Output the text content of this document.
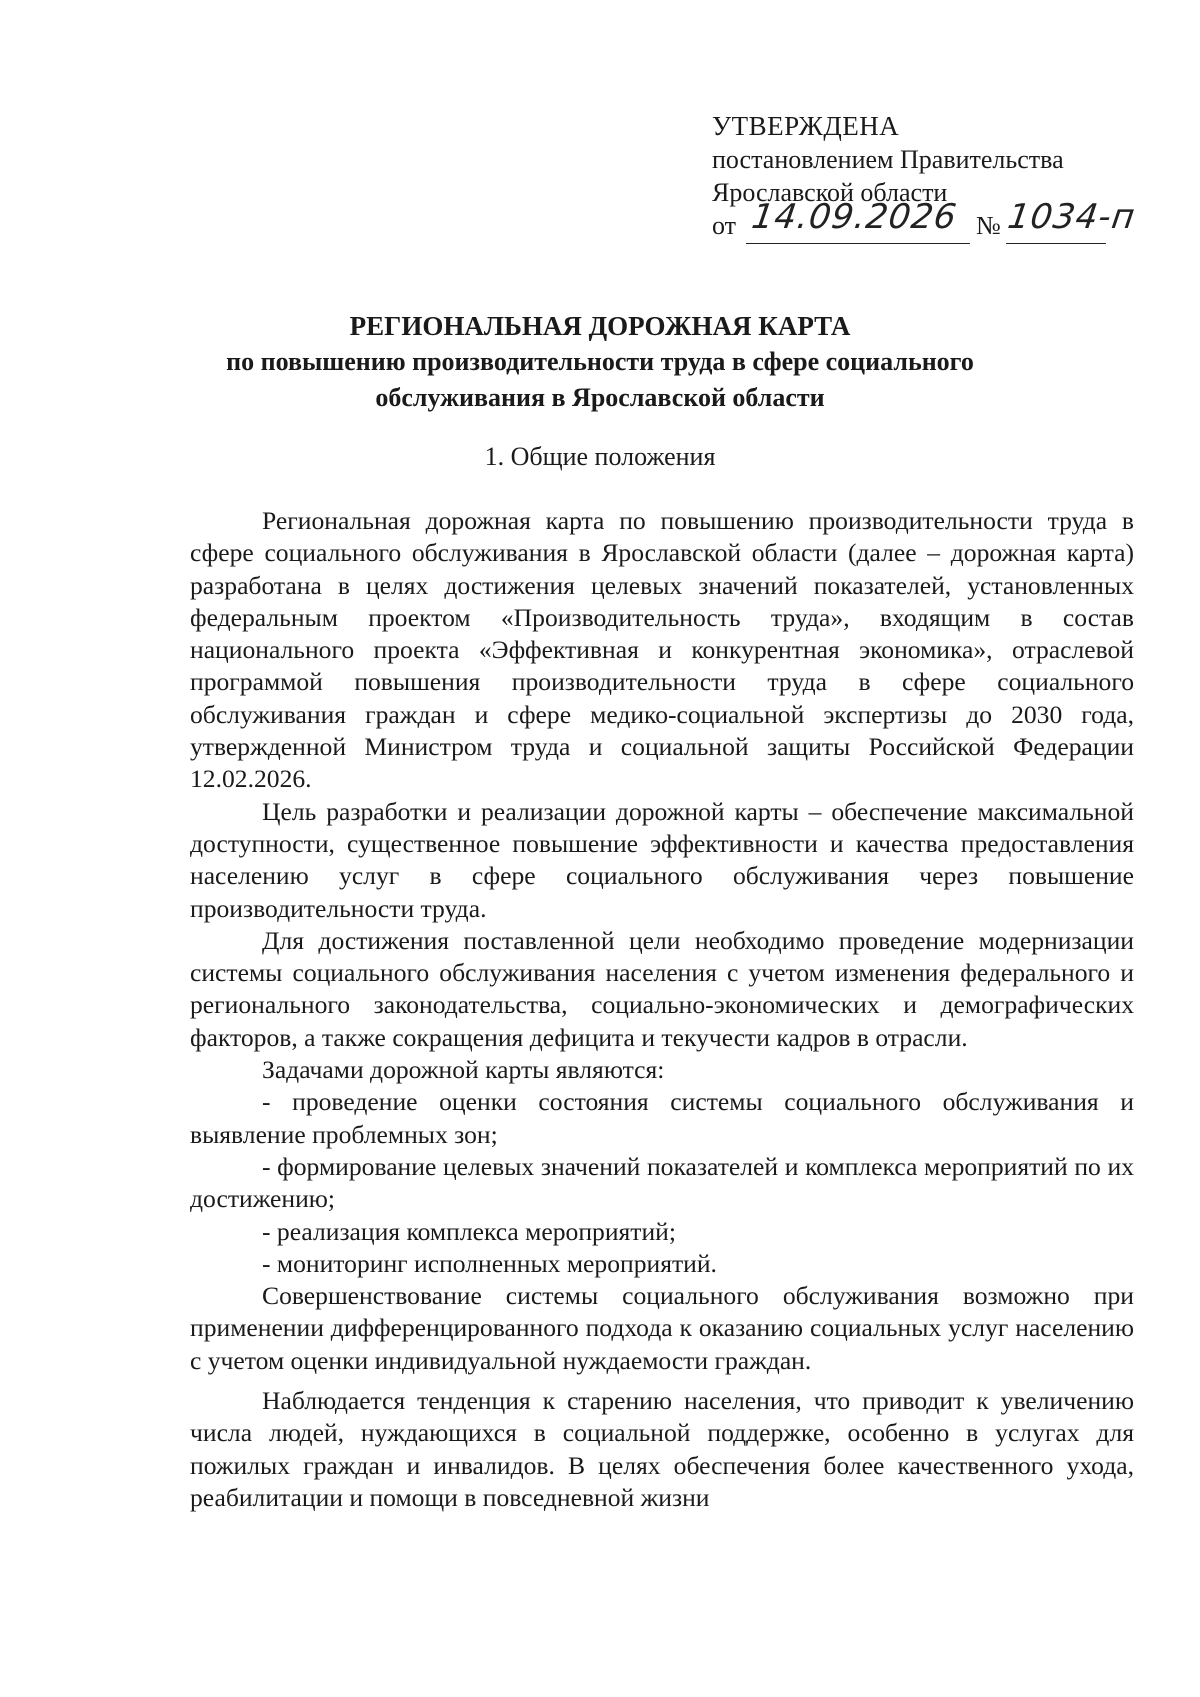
УТВЕРЖДЕНА
постановлением Правительства
Ярославской области
от 14.09.2026 № 1034-п
РЕГИОНАЛЬНАЯ ДОРОЖНАЯ КАРТА
по повышению производительности труда в сфере социального
обслуживания в Ярославской области
1. Общие положения

Региональная дорожная карта по повышению производительности труда в сфере социального обслуживания в Ярославской области (далее – дорожная карта) разработана в целях достижения целевых значений показателей, установленных федеральным проектом «Производительность труда», входящим в состав национального проекта «Эффективная и конкурентная экономика», отраслевой программой повышения производительности труда в сфере социального обслуживания граждан и сфере медико-социальной экспертизы до 2030 года, утвержденной Министром труда и социальной защиты Российской Федерации 12.02.2026.

Цель разработки и реализации дорожной карты – обеспечение максимальной доступности, существенное повышение эффективности и качества предоставления населению услуг в сфере социального обслуживания через повышение производительности труда.

Для достижения поставленной цели необходимо проведение модернизации системы социального обслуживания населения с учетом изменения федерального и регионального законодательства, социально-экономических и демографических факторов, а также сокращения дефицита и текучести кадров в отрасли.

Задачами дорожной карты являются:

- проведение оценки состояния системы социального обслуживания и выявление проблемных зон;

- формирование целевых значений показателей и комплекса мероприятий по их достижению;

- реализация комплекса мероприятий;

- мониторинг исполненных мероприятий.

Совершенствование системы социального обслуживания возможно при применении дифференцированного подхода к оказанию социальных услуг населению с учетом оценки индивидуальной нуждаемости граждан.

Наблюдается тенденция к старению населения, что приводит к увеличению числа людей, нуждающихся в социальной поддержке, особенно в услугах для пожилых граждан и инвалидов. В целях обеспечения более качественного ухода, реабилитации и помощи в повседневной жизни
